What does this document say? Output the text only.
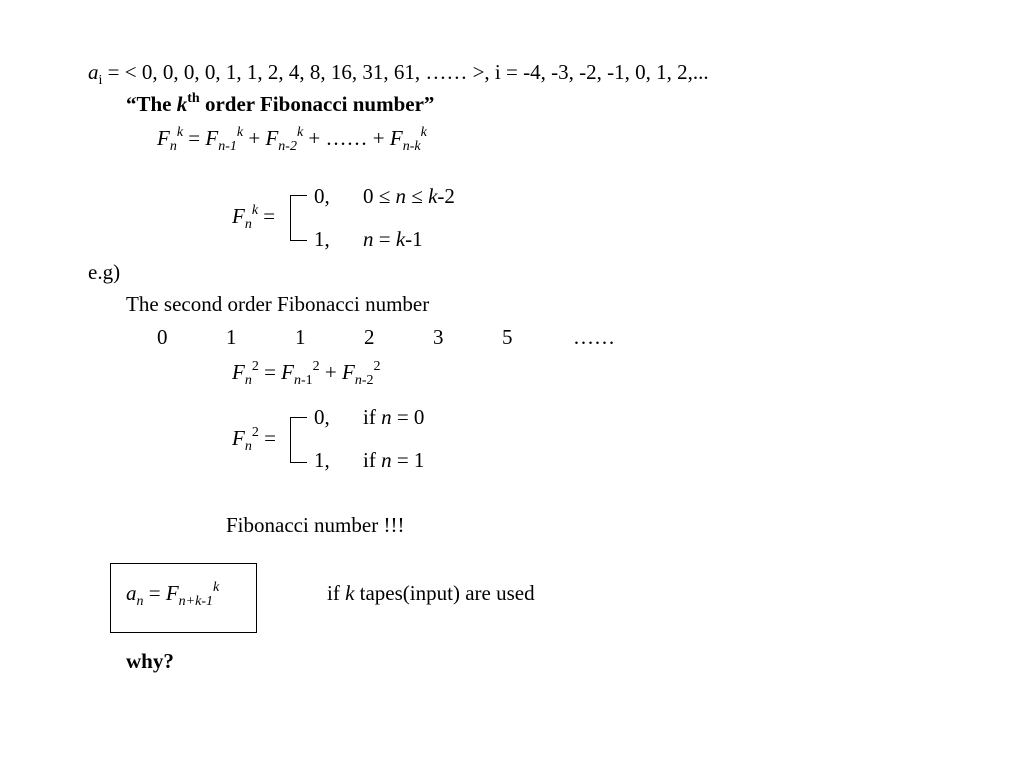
$a_i$ = < 0, 0, 0, 0, 1, 1, 2, 4, 8, 16, 31, 61, …… >, i = -4, -3, -2, -1, 0, 1, 2,...
“The $k^{th}$ order Fibonacci number”
$F_n^k = F_{n-1}^k + F_{n-2}^k$ + …… + $F_{n-k}^k$
$F_n^k$ =
0, 0 ≤ n ≤ k-2
1, n = k-1
e.g)
The second order Fibonacci number
0	1	1	2	3	5	……
$F_n^2 = F_{n-1}^2 + F_{n-2}^2$
$F_n^2$ =
0, if n = 0
1, if n = 1
Fibonacci number !!!
$a_n = F_{n+k-1}^k$	if k tapes(input) are used
why?
